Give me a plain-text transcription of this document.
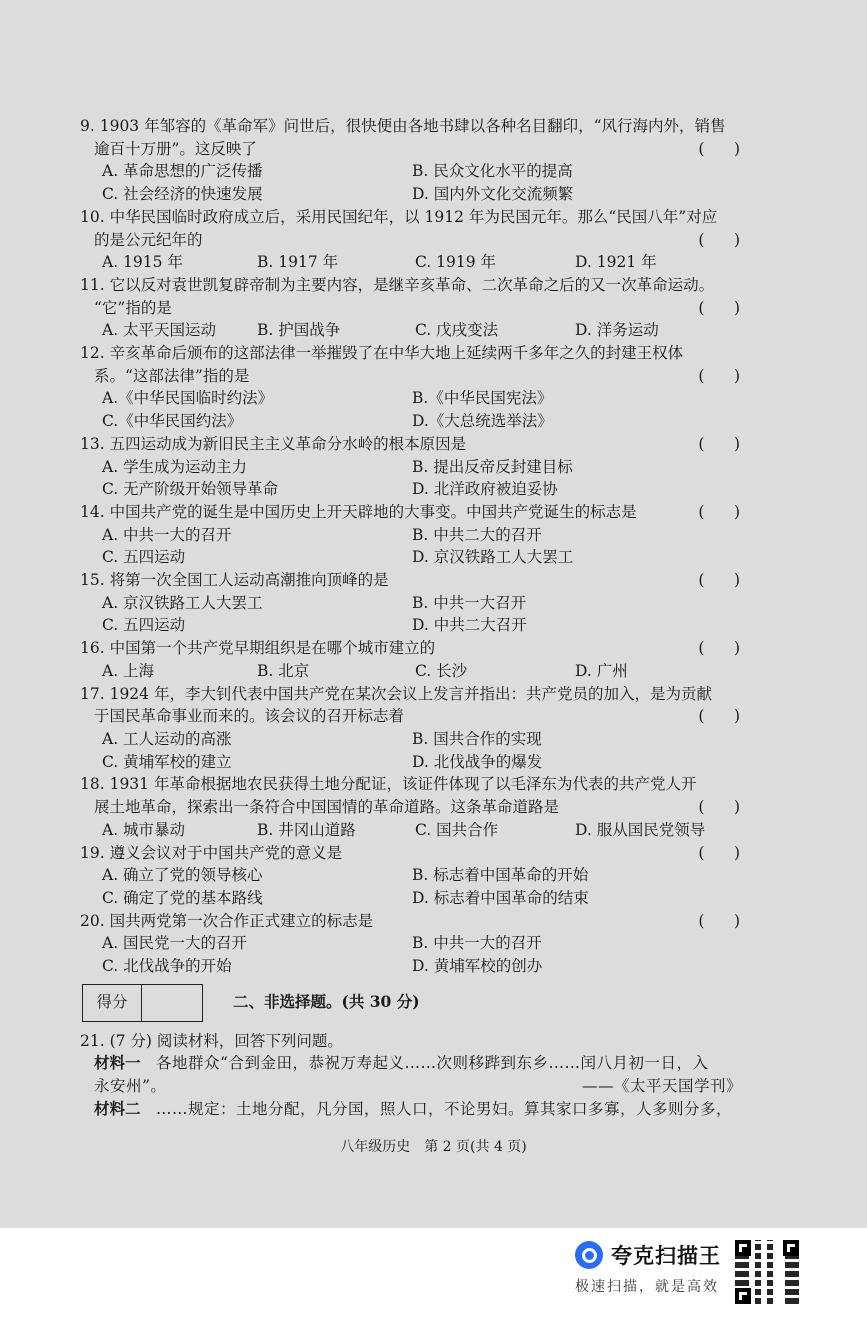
9. 1903 年邹容的《革命军》问世后，很快便由各地书肆以各种名目翻印，“风行海内外，销售
逾百十万册”。这反映了	(      )
A. 革命思想的广泛传播	B. 民众文化水平的提高
C. 社会经济的快速发展	D. 国内外文化交流频繁
10. 中华民国临时政府成立后，采用民国纪年，以 1912 年为民国元年。那么“民国八年”对应
的是公元纪年的	(      )
A. 1915 年	B. 1917 年	C. 1919 年	D. 1921 年
11. 它以反对袁世凯复辟帝制为主要内容，是继辛亥革命、二次革命之后的又一次革命运动。
“它”指的是	(      )
A. 太平天国运动	B. 护国战争	C. 戊戌变法	D. 洋务运动
12. 辛亥革命后颁布的这部法律一举摧毁了在中华大地上延续两千多年之久的封建王权体
系。“这部法律”指的是	(      )
A.《中华民国临时约法》	B.《中华民国宪法》
C.《中华民国约法》	D.《大总统选举法》
13. 五四运动成为新旧民主主义革命分水岭的根本原因是	(      )
A. 学生成为运动主力	B. 提出反帝反封建目标
C. 无产阶级开始领导革命	D. 北洋政府被迫妥协
14. 中国共产党的诞生是中国历史上开天辟地的大事变。中国共产党诞生的标志是	(      )
A. 中共一大的召开	B. 中共二大的召开
C. 五四运动	D. 京汉铁路工人大罢工
15. 将第一次全国工人运动高潮推向顶峰的是	(      )
A. 京汉铁路工人大罢工	B. 中共一大召开
C. 五四运动	D. 中共二大召开
16. 中国第一个共产党早期组织是在哪个城市建立的	(      )
A. 上海	B. 北京	C. 长沙	D. 广州
17. 1924 年，李大钊代表中国共产党在某次会议上发言并指出：共产党员的加入，是为贡献
于国民革命事业而来的。该会议的召开标志着	(      )
A. 工人运动的高涨	B. 国共合作的实现
C. 黄埔军校的建立	D. 北伐战争的爆发
18. 1931 年革命根据地农民获得土地分配证，该证件体现了以毛泽东为代表的共产党人开
展土地革命，探索出一条符合中国国情的革命道路。这条革命道路是	(      )
A. 城市暴动	B. 井冈山道路	C. 国共合作	D. 服从国民党领导
19. 遵义会议对于中国共产党的意义是	(      )
A. 确立了党的领导核心	B. 标志着中国革命的开始
C. 确定了党的基本路线	D. 标志着中国革命的结束
20. 国共两党第一次合作正式建立的标志是	(      )
A. 国民党一大的召开	B. 中共一大的召开
C. 北伐战争的开始	D. 黄埔军校的创办
得分	二、非选择题。(共 30 分)
21. (7 分) 阅读材料，回答下列问题。
材料一　 各地群众“合到金田，恭祝万寿起义……次则移跸到东乡……闰八月初一日，入
永安州”。	——《太平天国学刊》
材料二　 ……规定：土地分配，凡分国，照人口，不论男妇。算其家口多寡，人多则分多，
八年级历史　第 2 页(共 4 页)
夸克扫描王
极速扫描，就是高效
